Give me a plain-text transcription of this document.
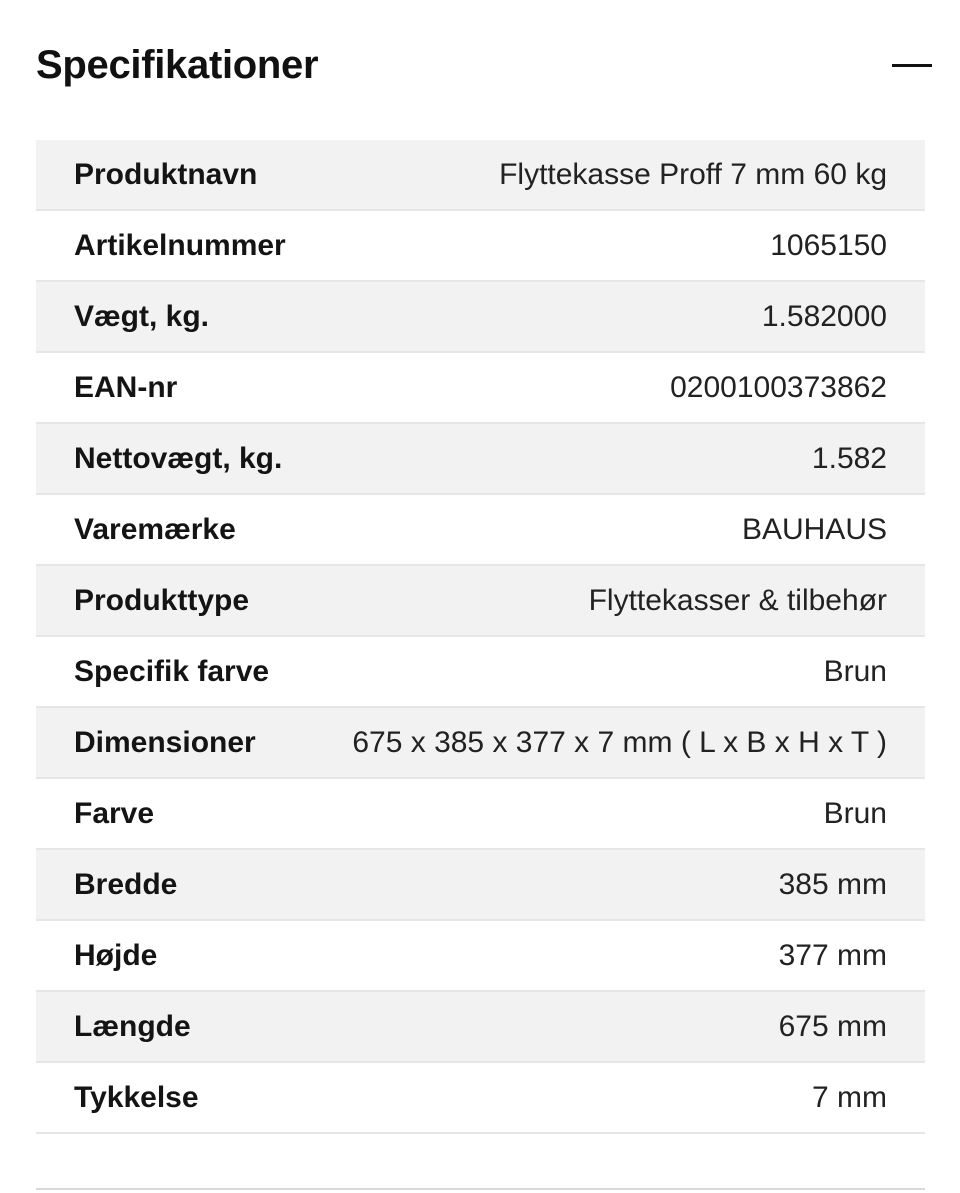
Specifikationer
Produktnavn	Flyttekasse Proff 7 mm 60 kg
Artikelnummer	1065150
Vægt, kg.	1.582000
EAN-nr	0200100373862
Nettovægt, kg.	1.582
Varemærke	BAUHAUS
Produkttype	Flyttekasser & tilbehør
Specifik farve	Brun
Dimensioner	675 x 385 x 377 x 7 mm ( L x B x H x T )
Farve	Brun
Bredde	385 mm
Højde	377 mm
Længde	675 mm
Tykkelse	7 mm
